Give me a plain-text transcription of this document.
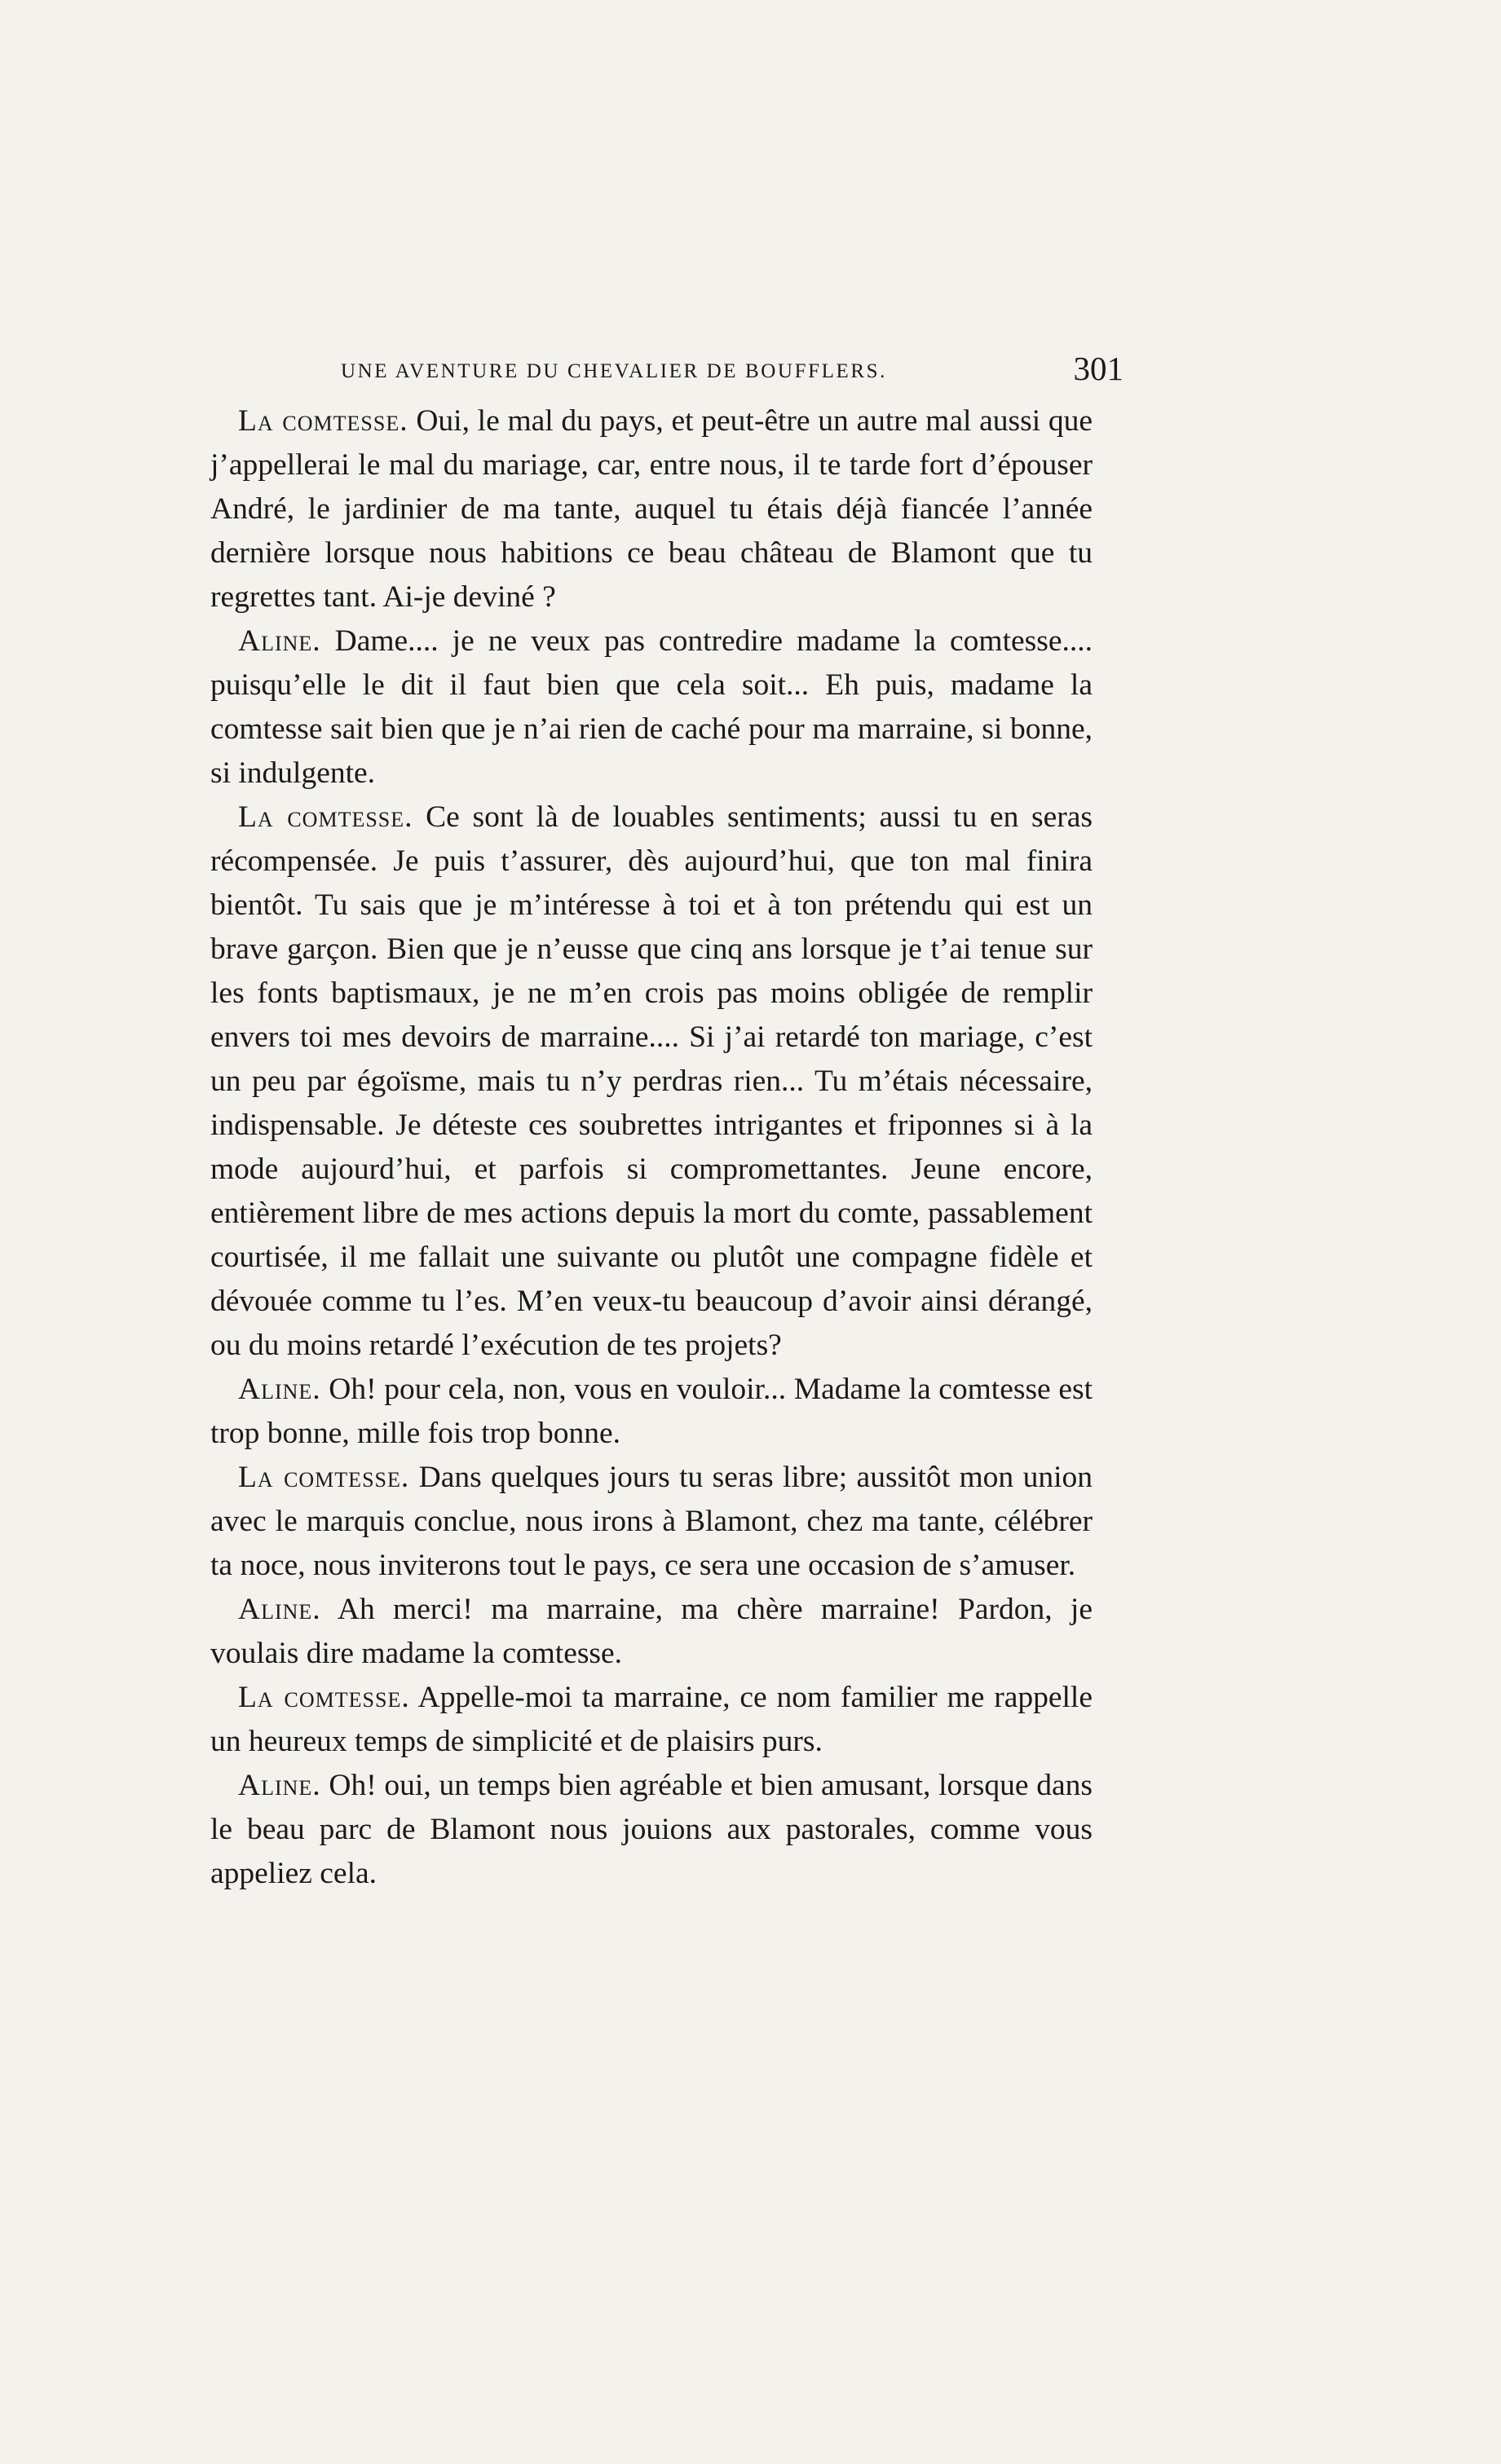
UNE AVENTURE DU CHEVALIER DE BOUFFLERS.	301

La comtesse. Oui, le mal du pays, et peut-être un autre mal aussi que j’appellerai le mal du mariage, car, entre nous, il te tarde fort d’épouser André, le jardinier de ma tante, auquel tu étais déjà fiancée l’année dernière lorsque nous habitions ce beau château de Blamont que tu regrettes tant. Ai-je deviné ?

Aline. Dame.... je ne veux pas contredire madame la comtesse.... puisqu’elle le dit il faut bien que cela soit... Eh puis, madame la comtesse sait bien que je n’ai rien de caché pour ma marraine, si bonne, si indulgente.

La comtesse. Ce sont là de louables sentiments; aussi tu en seras récompensée. Je puis t’assurer, dès aujourd’hui, que ton mal finira bientôt. Tu sais que je m’intéresse à toi et à ton prétendu qui est un brave garçon. Bien que je n’eusse que cinq ans lorsque je t’ai tenue sur les fonts baptismaux, je ne m’en crois pas moins obligée de remplir envers toi mes devoirs de marraine.... Si j’ai retardé ton mariage, c’est un peu par égoïsme, mais tu n’y perdras rien... Tu m’étais nécessaire, indispensable. Je déteste ces soubrettes intrigantes et friponnes si à la mode aujourd’hui, et parfois si compromettantes. Jeune encore, entièrement libre de mes actions depuis la mort du comte, passablement courtisée, il me fallait une suivante ou plutôt une compagne fidèle et dévouée comme tu l’es. M’en veux-tu beaucoup d’avoir ainsi dérangé, ou du moins retardé l’exécution de tes projets?

Aline. Oh! pour cela, non, vous en vouloir... Madame la comtesse est trop bonne, mille fois trop bonne.

La comtesse. Dans quelques jours tu seras libre; aussitôt mon union avec le marquis conclue, nous irons à Blamont, chez ma tante, célébrer ta noce, nous inviterons tout le pays, ce sera une occasion de s’amuser.

Aline. Ah merci! ma marraine, ma chère marraine! Pardon, je voulais dire madame la comtesse.

La comtesse. Appelle-moi ta marraine, ce nom familier me rappelle un heureux temps de simplicité et de plaisirs purs.

Aline. Oh! oui, un temps bien agréable et bien amusant, lorsque dans le beau parc de Blamont nous jouions aux pastorales, comme vous appeliez cela.
